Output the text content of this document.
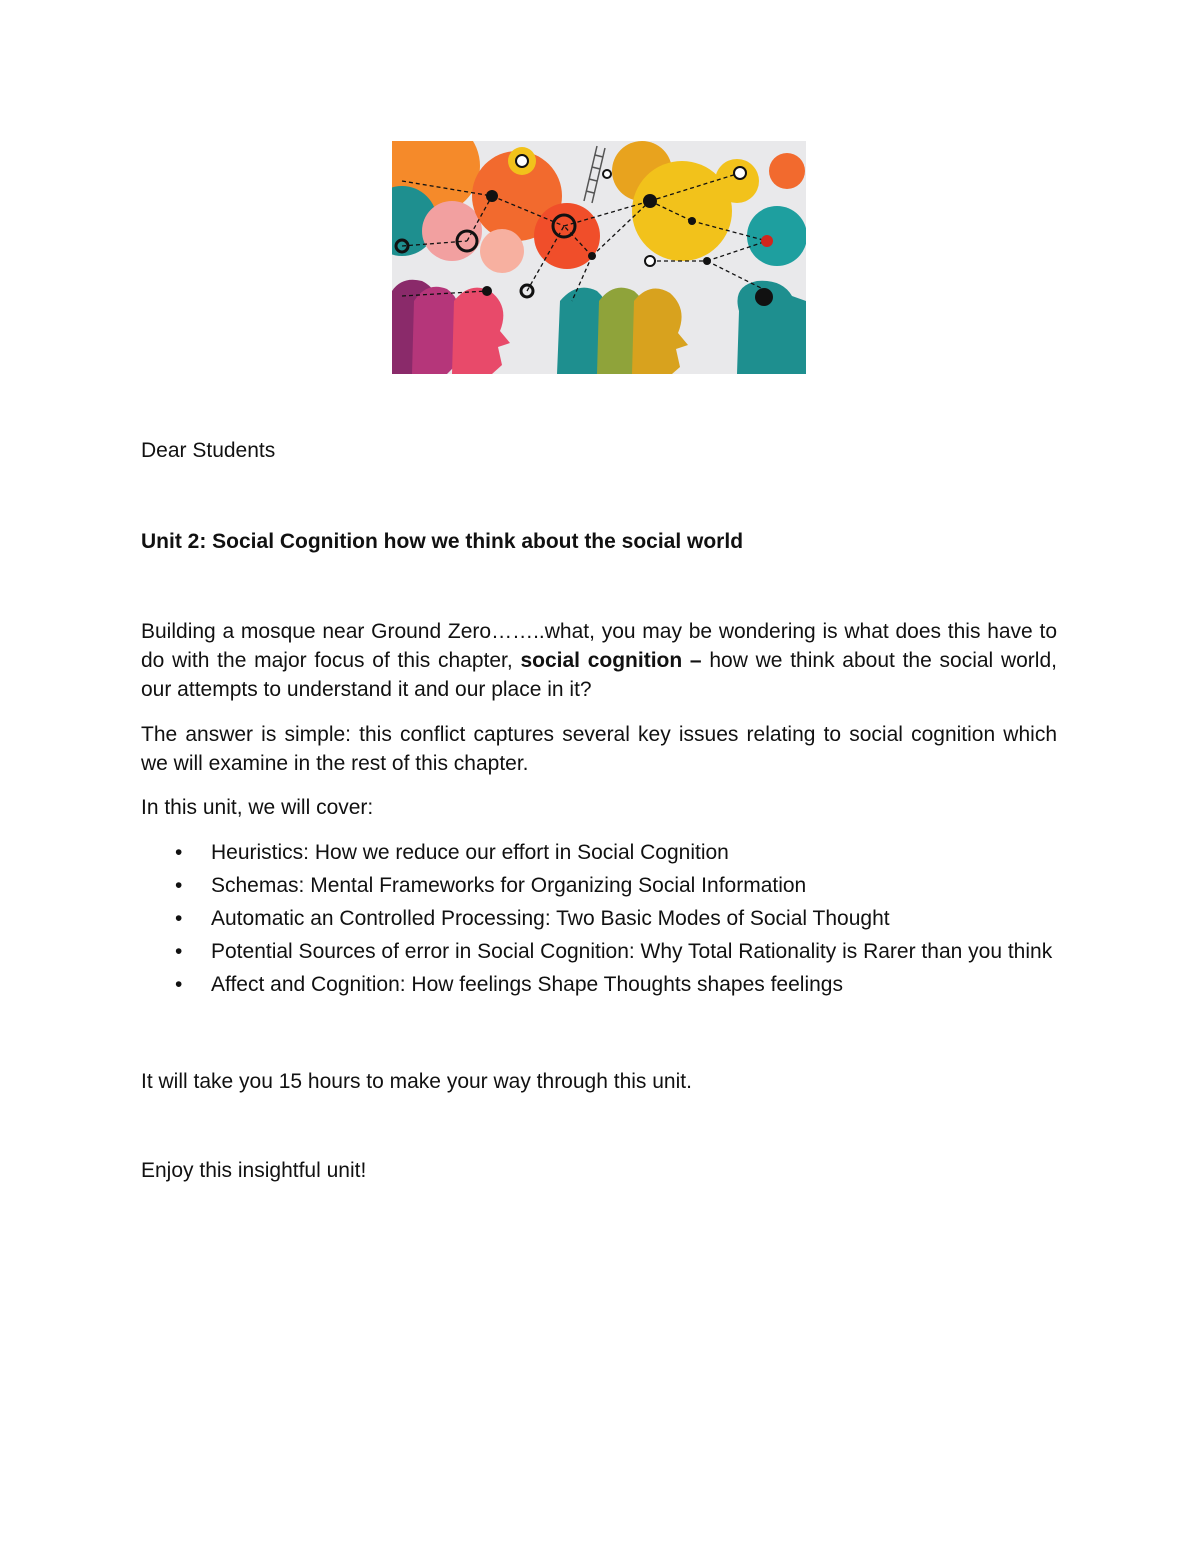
Dear Students

Unit 2: Social Cognition how we think about the social world

Building a mosque near Ground Zero……..what, you may be wondering is what does this have to do with the major focus of this chapter, social cognition – how we think about the social world, our attempts to understand it and our place in it?

The answer is simple: this conflict captures several key issues relating to social cognition which we will examine in the rest of this chapter.

In this unit, we will cover:

• Heuristics: How we reduce our effort in Social Cognition
• Schemas: Mental Frameworks for Organizing Social Information
• Automatic an Controlled Processing: Two Basic Modes of Social Thought
• Potential Sources of error in Social Cognition: Why Total Rationality is Rarer than you think
• Affect and Cognition: How feelings Shape Thoughts shapes feelings

It will take you 15 hours to make your way through this unit.

Enjoy this insightful unit!
